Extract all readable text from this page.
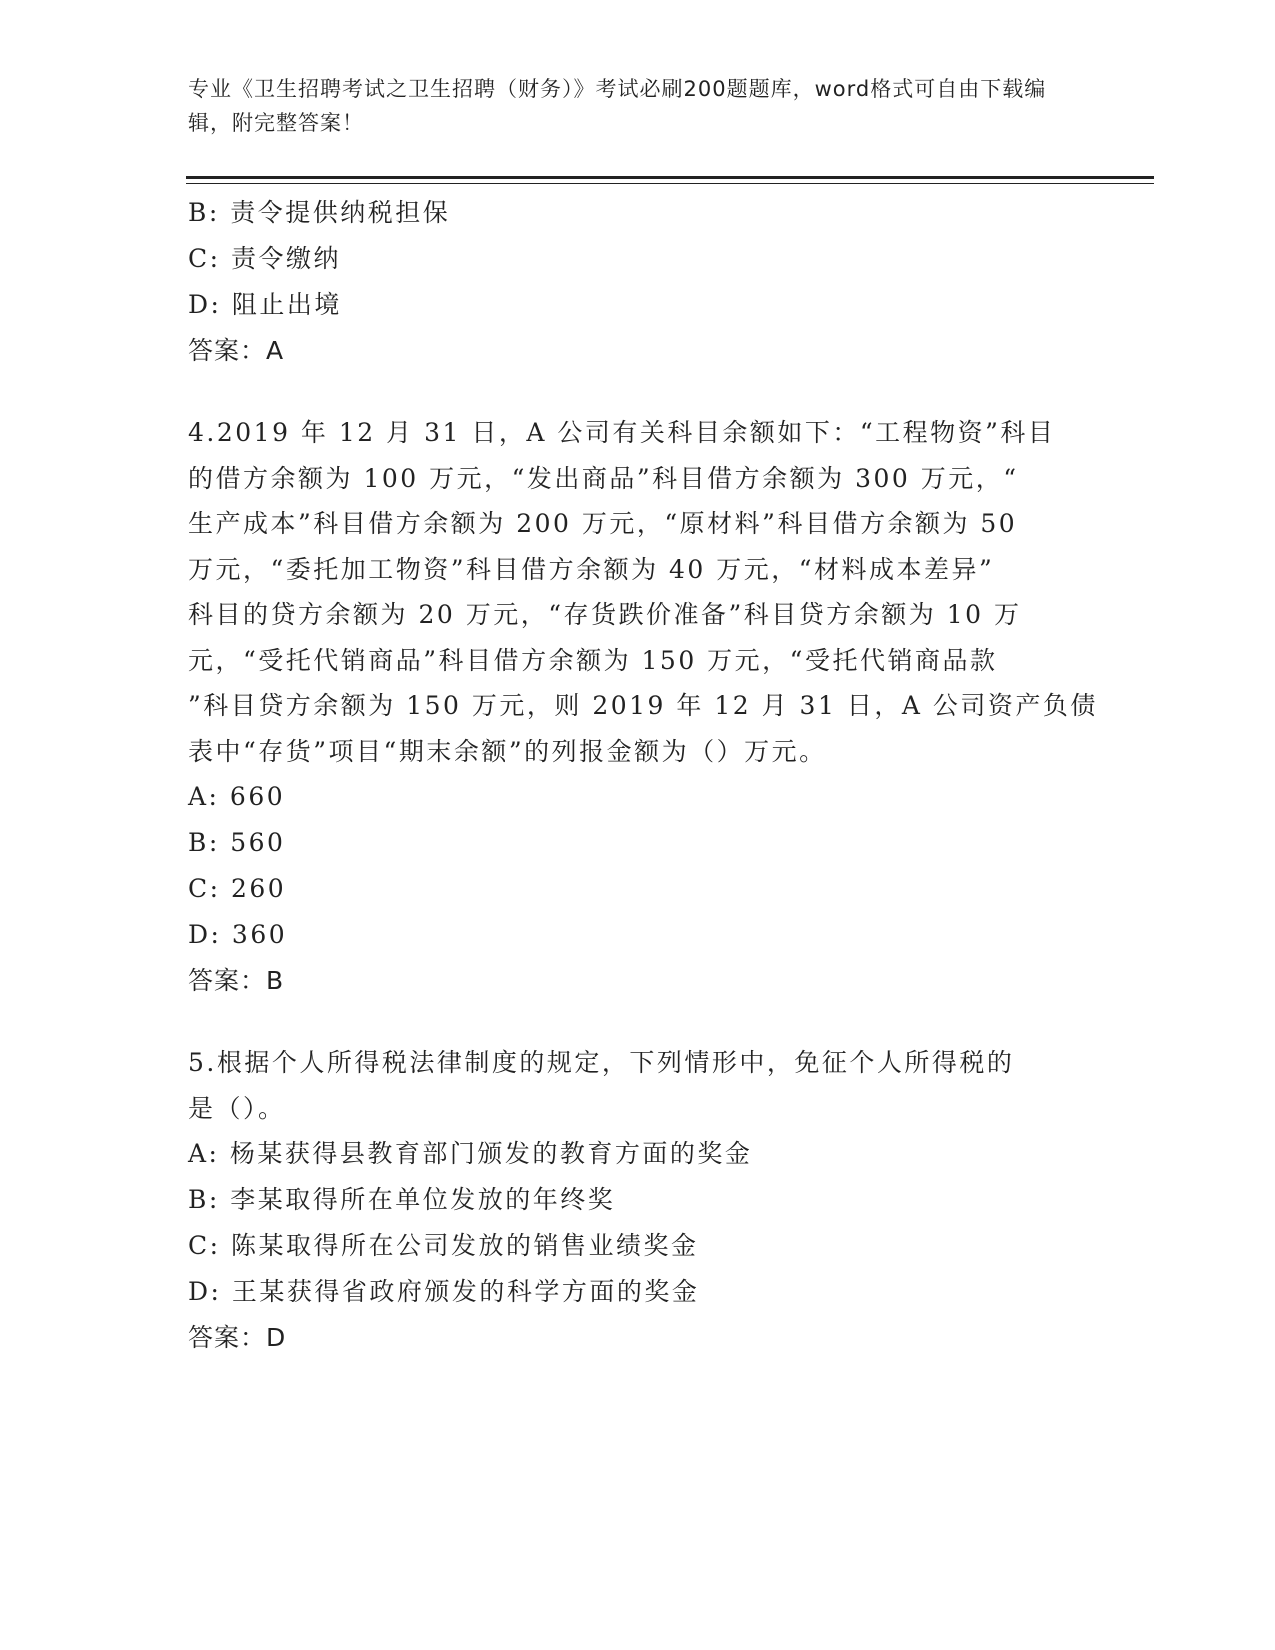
专业《卫生招聘考试之卫生招聘（财务）》考试必刷200题题库，word格式可自由下载编辑，附完整答案！
B: 责令提供纳税担保
C: 责令缴纳
D: 阻止出境
答案：A
4.2019 年 12 月 31 日，A 公司有关科目余额如下：“工程物资”科目
的借方余额为 100 万元，“发出商品”科目借方余额为 300 万元，“
生产成本”科目借方余额为 200 万元，“原材料”科目借方余额为 50
万元，“委托加工物资”科目借方余额为 40 万元，“材料成本差异”
科目的贷方余额为 20 万元，“存货跌价准备”科目贷方余额为 10 万
元，“受托代销商品”科目借方余额为 150 万元，“受托代销商品款
”科目贷方余额为 150 万元，则 2019 年 12 月 31 日，A 公司资产负债
表中“存货”项目“期末余额”的列报金额为（）万元。
A: 660
B: 560
C: 260
D: 360
答案：B
5.根据个人所得税法律制度的规定，下列情形中，免征个人所得税的
是（）。
A: 杨某获得县教育部门颁发的教育方面的奖金
B: 李某取得所在单位发放的年终奖
C: 陈某取得所在公司发放的销售业绩奖金
D: 王某获得省政府颁发的科学方面的奖金
答案：D
